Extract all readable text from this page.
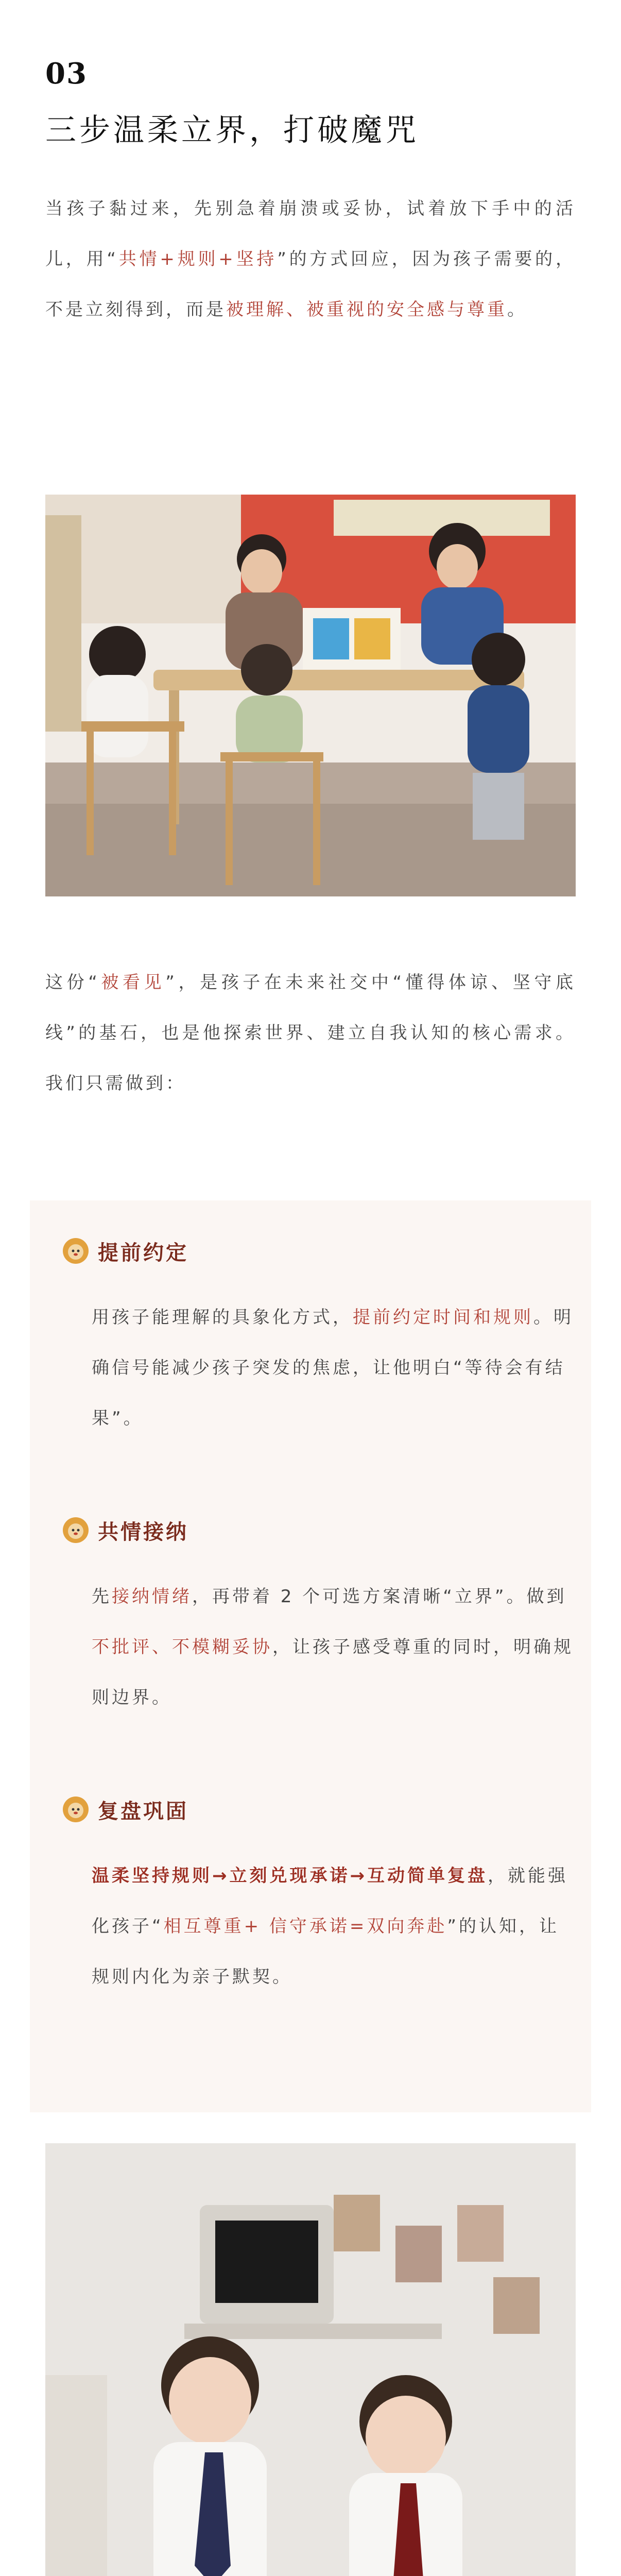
03
三步温柔立界，打破魔咒
当孩子黏过来，先别急着崩溃或妥协，试着放下手中的活儿，用“共情+规则+坚持”的方式回应，因为孩子需要的，不是立刻得到，而是被理解、被重视的安全感与尊重。
这份“被看见”，是孩子在未来社交中“懂得体谅、坚守底线”的基石，也是他探索世界、建立自我认知的核心需求。我们只需做到：
提前约定
用孩子能理解的具象化方式，提前约定时间和规则。明确信号能减少孩子突发的焦虑，让他明白“等待会有结果”。
共情接纳
先接纳情绪，再带着 2 个可选方案清晰“立界”。做到不批评、不模糊妥协，让孩子感受尊重的同时，明确规则边界。
复盘巩固
温柔坚持规则→立刻兑现承诺→互动简单复盘，就能强化孩子“相互尊重+ 信守承诺=双向奔赴”的认知，让规则内化为亲子默契。
